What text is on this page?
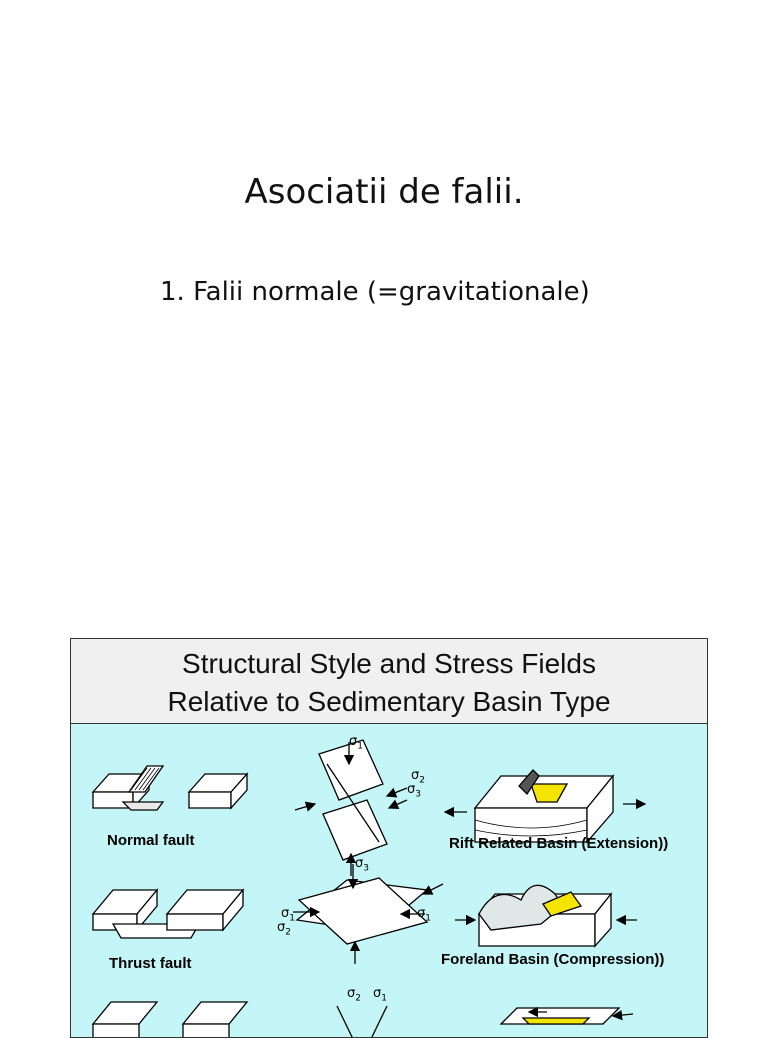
Asociatii de falii.
1. Falii normale (=gravitationale)
Structural Style and Stress Fields
Relative to Sedimentary Basin Type
$\sigma_1$
$\sigma_2$
$\sigma_3$
$\sigma_3$
$\sigma_1$
$\sigma_2$
$\sigma_1$
$\sigma_2$ $\sigma_1$
Normal fault	Rift Related Basin (Extension))
Thrust fault	Foreland Basin (Compression))
